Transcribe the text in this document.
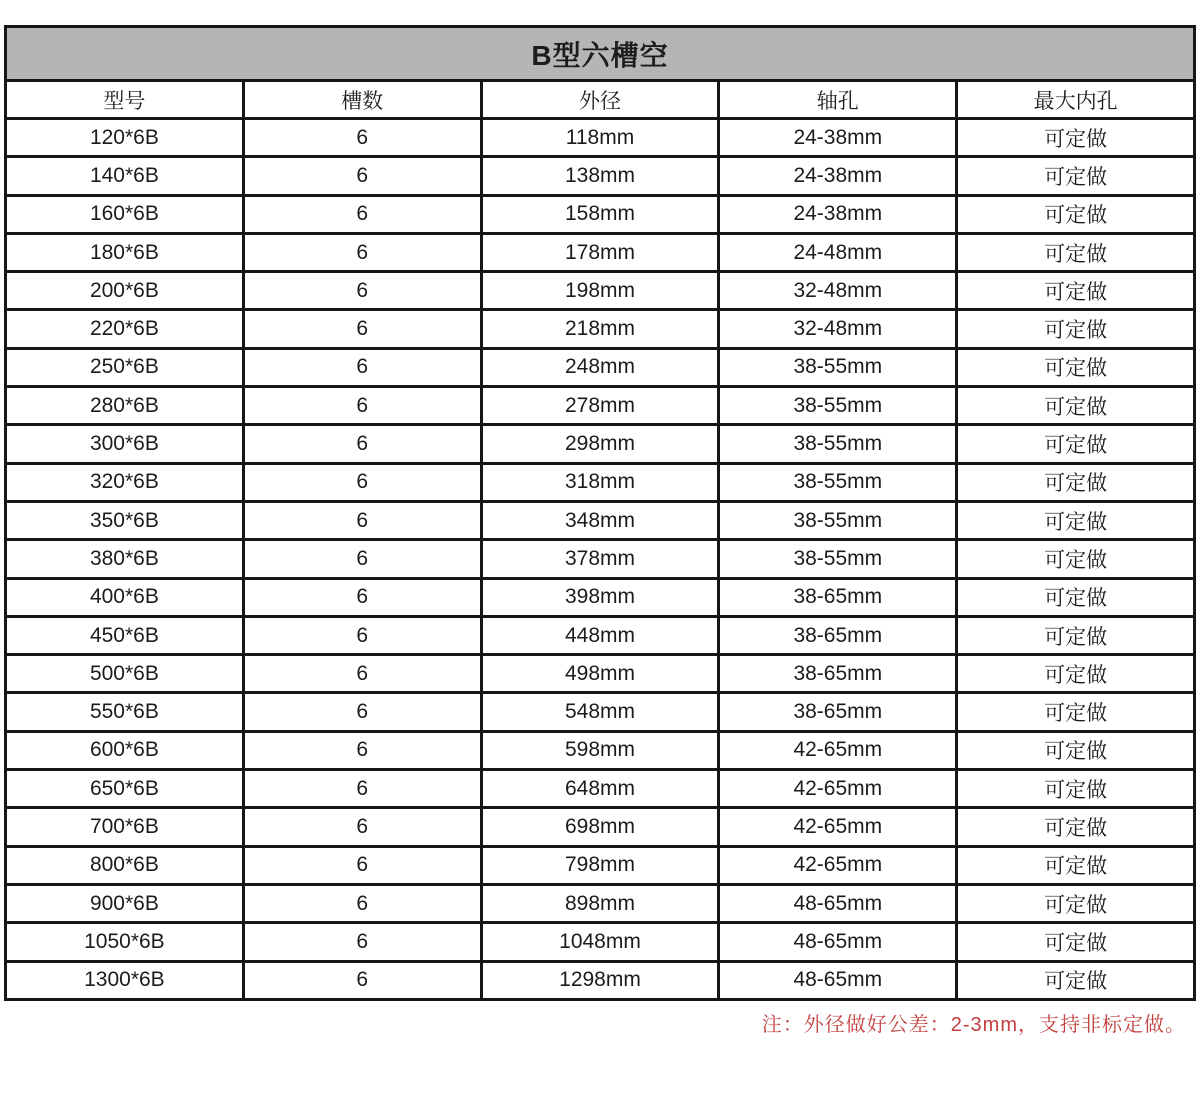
B型六槽空				
型号	槽数	外径	轴孔	最大内孔
120*6B	6	118mm	24-38mm	可定做
140*6B	6	138mm	24-38mm	可定做
160*6B	6	158mm	24-38mm	可定做
180*6B	6	178mm	24-48mm	可定做
200*6B	6	198mm	32-48mm	可定做
220*6B	6	218mm	32-48mm	可定做
250*6B	6	248mm	38-55mm	可定做
280*6B	6	278mm	38-55mm	可定做
300*6B	6	298mm	38-55mm	可定做
320*6B	6	318mm	38-55mm	可定做
350*6B	6	348mm	38-55mm	可定做
380*6B	6	378mm	38-55mm	可定做
400*6B	6	398mm	38-65mm	可定做
450*6B	6	448mm	38-65mm	可定做
500*6B	6	498mm	38-65mm	可定做
550*6B	6	548mm	38-65mm	可定做
600*6B	6	598mm	42-65mm	可定做
650*6B	6	648mm	42-65mm	可定做
700*6B	6	698mm	42-65mm	可定做
800*6B	6	798mm	42-65mm	可定做
900*6B	6	898mm	48-65mm	可定做
1050*6B	6	1048mm	48-65mm	可定做
1300*6B	6	1298mm	48-65mm	可定做
注：外径做好公差：2-3mm，支持非标定做。
